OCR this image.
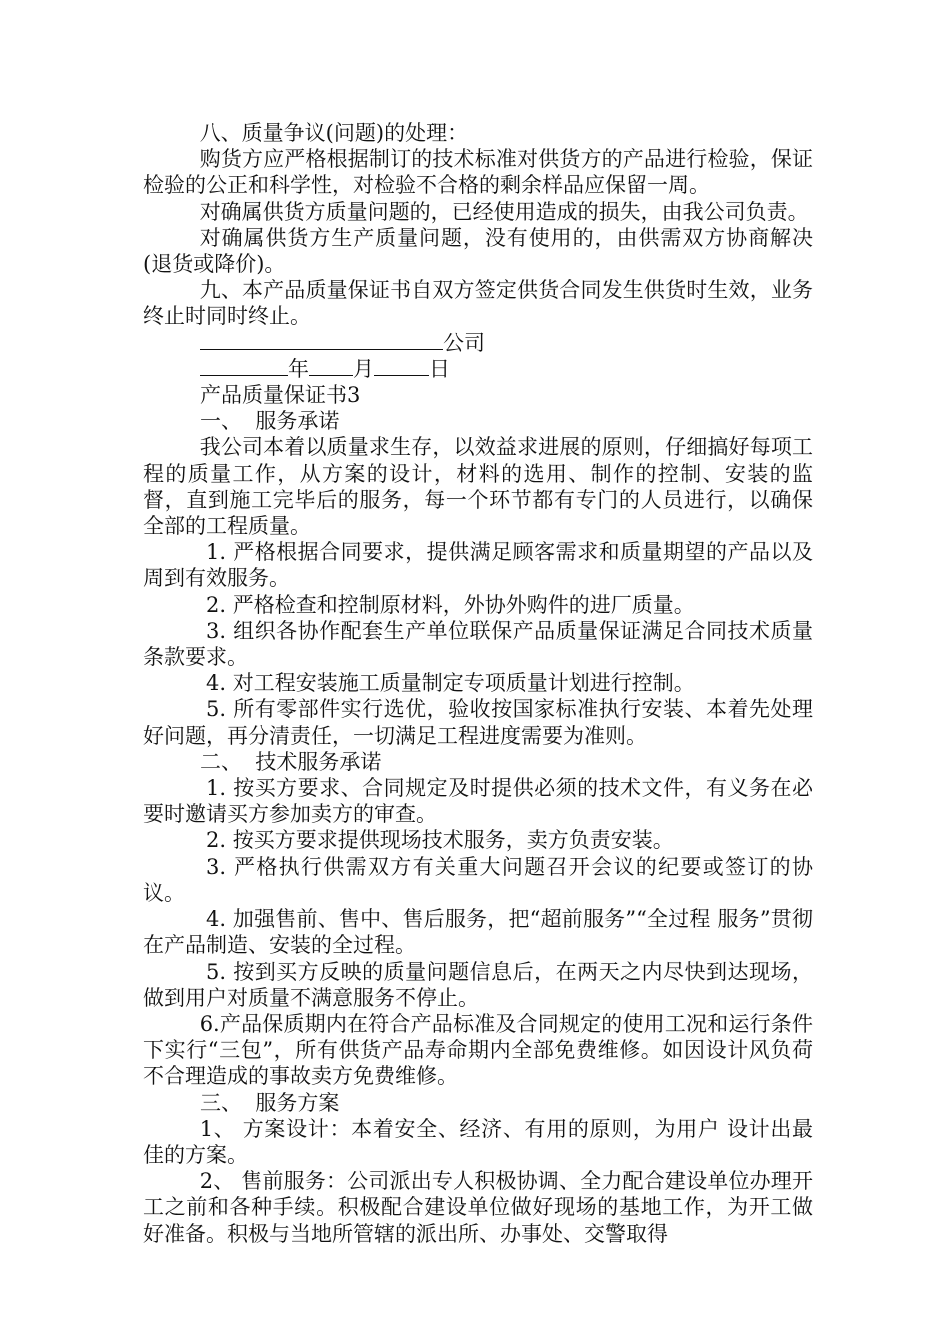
八、质量争议(问题)的处理：

购货方应严格根据制订的技术标准对供货方的产品进行检验，保证检验的公正和科学性，对检验不合格的剩余样品应保留一周。

对确属供货方质量问题的，已经使用造成的损失，由我公司负责。

对确属供货方生产质量问题，没有使用的，由供需双方协商解决(退货或降价)。

九、本产品质量保证书自双方签定供货合同发生供货时生效，业务终止时同时终止。

公司

年 月	日

产品质量保证书3

一、  服务承诺

我公司本着以质量求生存，以效益求进展的原则，仔细搞好每项工程的质量工作，从方案的设计，材料的选用、制作的控制、安装的监督，直到施工完毕后的服务，每一个环节都有专门的人员进行，以确保全部的工程质量。

1. 严格根据合同要求，提供满足顾客需求和质量期望的产品以及周到有效服务。

2. 严格检查和控制原材料，外协外购件的进厂质量。

3. 组织各协作配套生产单位联保产品质量保证满足合同技术质量条款要求。

4. 对工程安装施工质量制定专项质量计划进行控制。

5. 所有零部件实行选优，验收按国家标准执行安装、本着先处理好问题，再分清责任，一切满足工程进度需要为准则。

二、  技术服务承诺

1. 按买方要求、合同规定及时提供必须的技术文件，有义务在必要时邀请买方参加卖方的审查。

2. 按买方要求提供现场技术服务，卖方负责安装。

3. 严格执行供需双方有关重大问题召开会议的纪要或签订的协议。

4. 加强售前、售中、售后服务，把“超前服务”“全过程 服务”贯彻在产品制造、安装的全过程。

5. 按到买方反映的质量问题信息后，在两天之内尽快到达现场，做到用户对质量不满意服务不停止。

6.产品保质期内在符合产品标准及合同规定的使用工况和运行条件下实行“三包”，所有供货产品寿命期内全部免费维修。如因设计风负荷不合理造成的事故卖方免费维修。

三、  服务方案

1、 方案设计：本着安全、经济、有用的原则，为用户 设计出最佳的方案。

2、 售前服务：公司派出专人积极协调、全力配合建设单位办理开工之前和各种手续。积极配合建设单位做好现场的基地工作，为开工做好准备。积极与当地所管辖的派出所、办事处、交警取得
